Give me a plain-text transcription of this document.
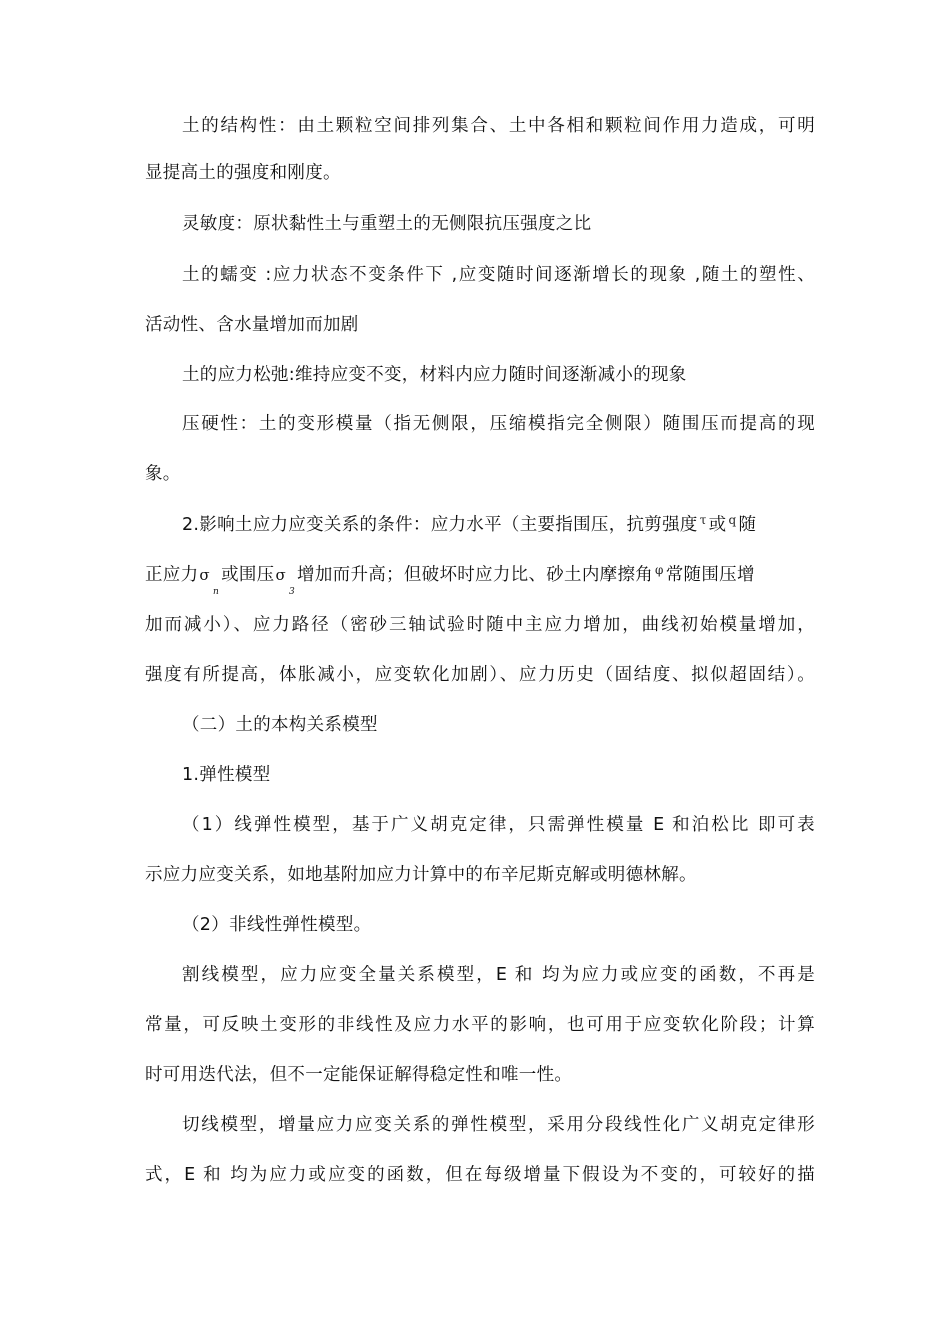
土的结构性：由土颗粒空间排列集合、土中各相和颗粒间作用力造成，可明
显提高土的强度和刚度。
灵敏度：原状黏性土与重塑土的无侧限抗压强度之比
土的蠕变 :应力状态不变条件下 ,应变随时间逐渐增长的现象 ,随土的塑性、
活动性、含水量增加而加剧
土的应力松弛:维持应变不变，材料内应力随时间逐渐减小的现象
压硬性：土的变形模量（指无侧限，压缩模指完全侧限）随围压而提高的现
象。
2.影响土应力应变关系的条件：应力水平（主要指围压，抗剪强度 $^\tau$ 或 $^q$ 随
正应力$\sigma_n$或围压$\sigma_3$增加而升高；但破坏时应力比、砂土内摩擦角 $^\varphi$ 常随围压增
加而减小）、应力路径（密砂三轴试验时随中主应力增加，曲线初始模量增加，
强度有所提高，体胀减小，应变软化加剧）、应力历史（固结度、拟似超固结）。
（二）土的本构关系模型
1.弹性模型
（1）线弹性模型，基于广义胡克定律，只需弹性模量 E 和泊松比 即可表
示应力应变关系，如地基附加应力计算中的布辛尼斯克解或明德林解。
（2）非线性弹性模型。
割线模型，应力应变全量关系模型，E 和 均为应力或应变的函数，不再是
常量，可反映土变形的非线性及应力水平的影响，也可用于应变软化阶段；计算
时可用迭代法，但不一定能保证解得稳定性和唯一性。
切线模型，增量应力应变关系的弹性模型，采用分段线性化广义胡克定律形
式，E 和 均为应力或应变的函数，但在每级增量下假设为不变的，可较好的描
